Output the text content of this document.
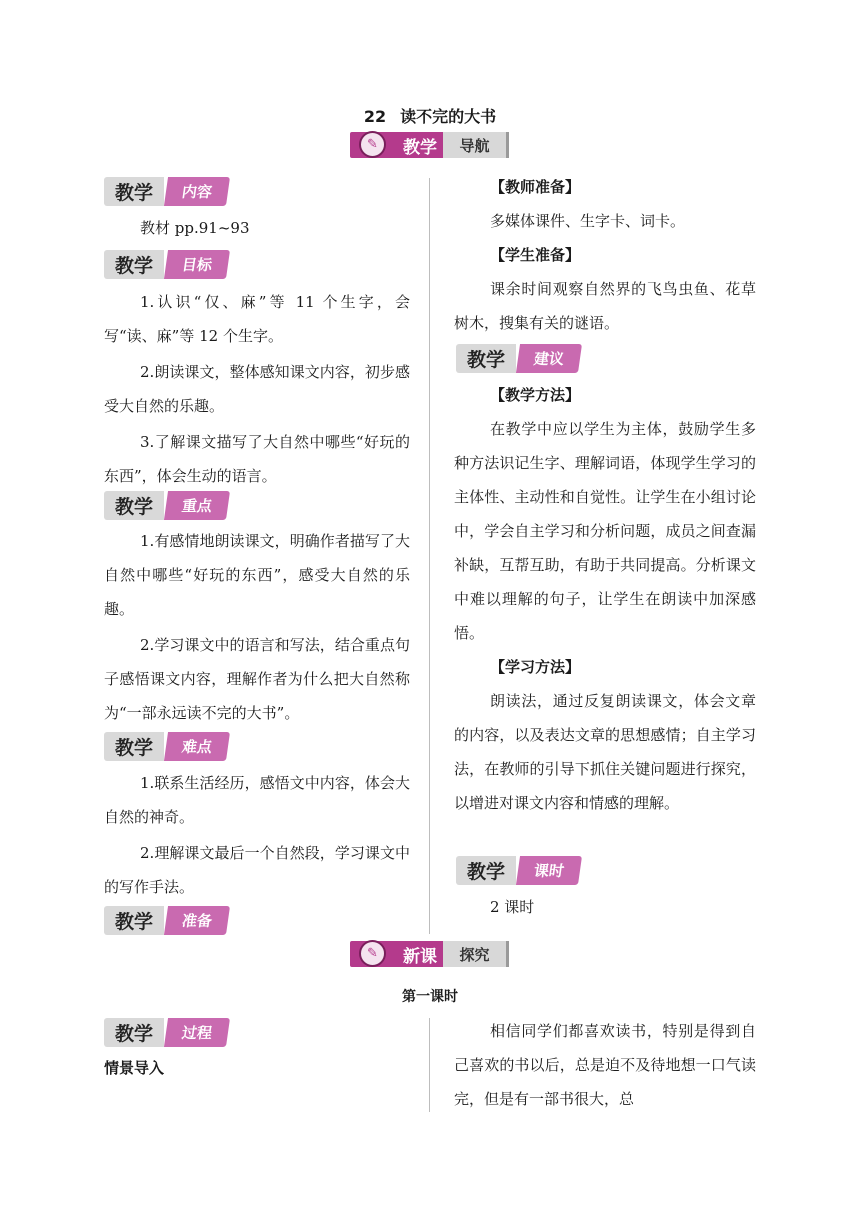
22 读不完的大书
✎	教学	导航
教学	内容

教材 pp.91~93

教学	目标

1.认识“仅、麻”等 11 个生字，会写“读、麻”等 12 个生字。

2.朗读课文，整体感知课文内容，初步感受大自然的乐趣。

3.了解课文描写了大自然中哪些“好玩的东西”，体会生动的语言。

教学	重点

1.有感情地朗读课文，明确作者描写了大自然中哪些“好玩的东西”，感受大自然的乐趣。

2.学习课文中的语言和写法，结合重点句子感悟课文内容，理解作者为什么把大自然称为“一部永远读不完的大书”。

教学	难点

1.联系生活经历，感悟文中内容，体会大自然的神奇。

2.理解课文最后一个自然段，学习课文中的写作手法。

教学	准备

【教师准备】

多媒体课件、生字卡、词卡。

【学生准备】

课余时间观察自然界的飞鸟虫鱼、花草树木，搜集有关的谜语。

教学	建议

【教学方法】

在教学中应以学生为主体，鼓励学生多种方法识记生字、理解词语，体现学生学习的主体性、主动性和自觉性。让学生在小组讨论中，学会自主学习和分析问题，成员之间查漏补缺，互帮互助，有助于共同提高。分析课文中难以理解的句子，让学生在朗读中加深感悟。

【学习方法】

朗读法，通过反复朗读课文，体会文章的内容，以及表达文章的思想感情；自主学习法，在教师的引导下抓住关键问题进行探究，以增进对课文内容和情感的理解。

教学	课时

2 课时

✎	新课	探究
第一课时
教学	过程
情景导入

相信同学们都喜欢读书，特别是得到自己喜欢的书以后，总是迫不及待地想一口气读完，但是有一部书很大，总
